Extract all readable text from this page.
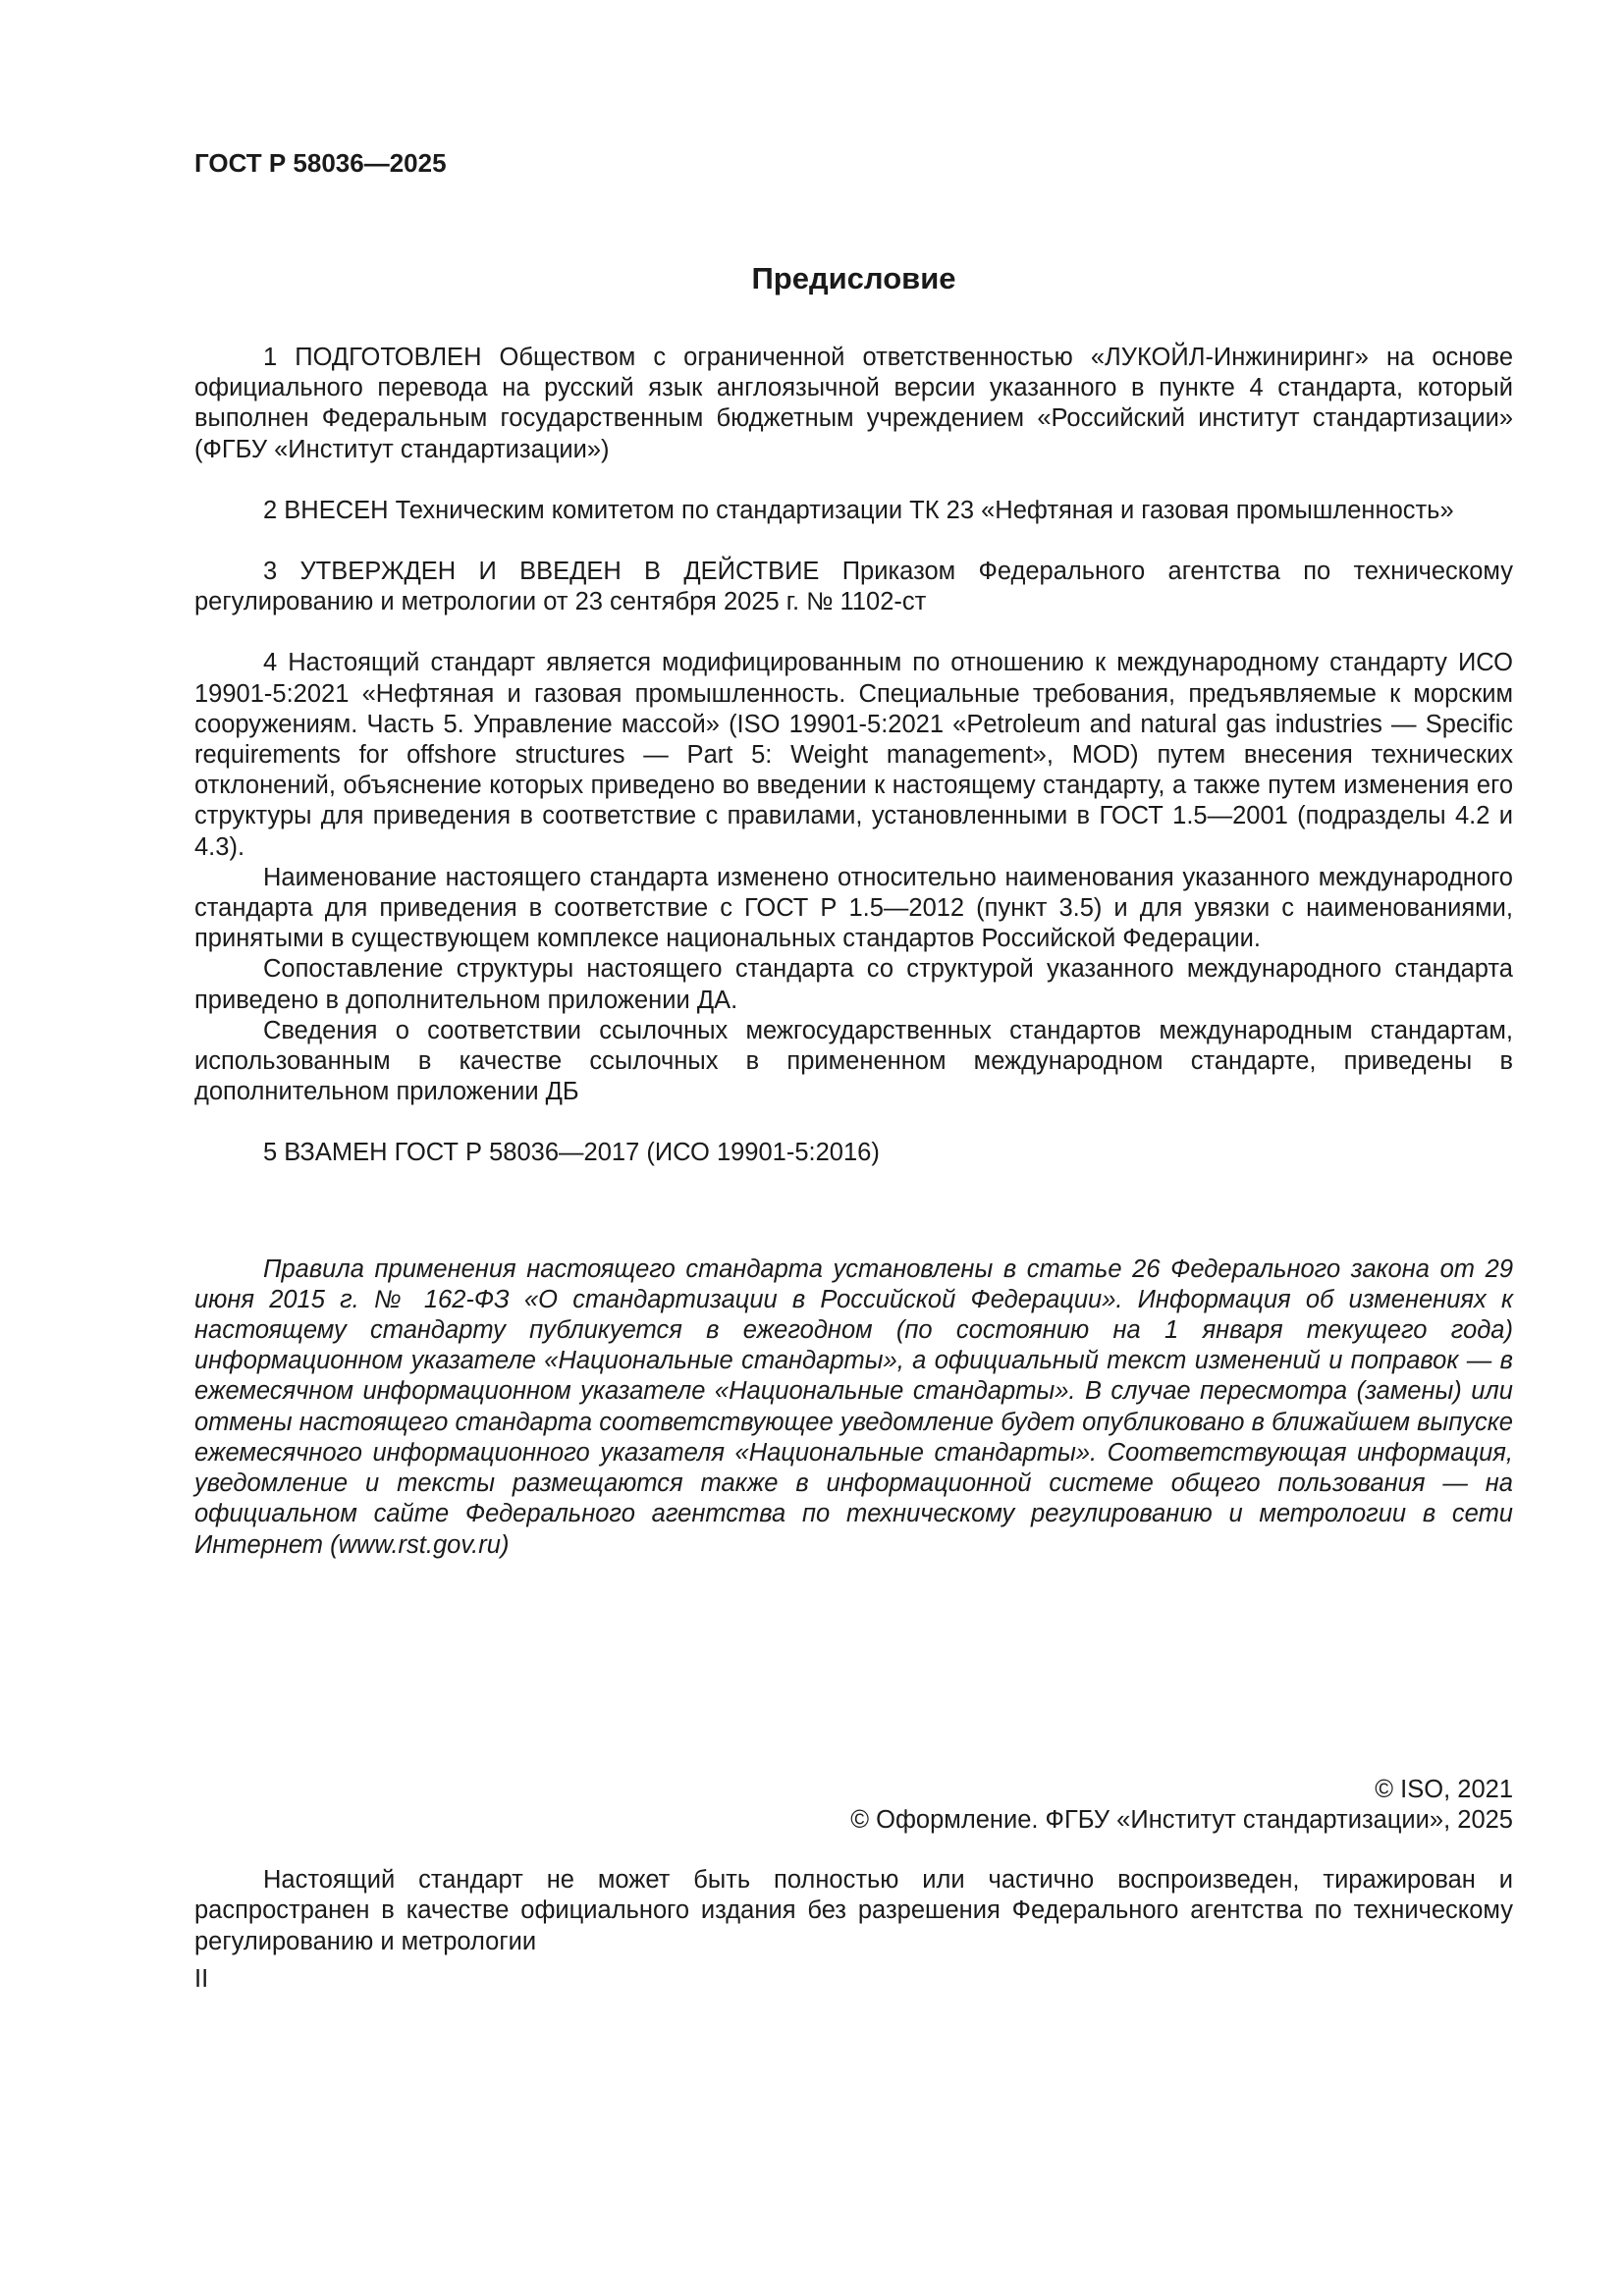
ГОСТ Р 58036—2025
Предисловие

1 ПОДГОТОВЛЕН Обществом с ограниченной ответственностью «ЛУКОЙЛ-Инжиниринг» на основе официального перевода на русский язык англоязычной версии указанного в пункте 4 стандарта, который выполнен Федеральным государственным бюджетным учреждением «Российский институт стандартизации» (ФГБУ «Институт стандартизации»)

2 ВНЕСЕН Техническим комитетом по стандартизации ТК 23 «Нефтяная и газовая промышленность»

3 УТВЕРЖДЕН И ВВЕДЕН В ДЕЙСТВИЕ Приказом Федерального агентства по техническому регулированию и метрологии от 23 сентября 2025 г. № 1102-ст

4 Настоящий стандарт является модифицированным по отношению к международному стандарту ИСО 19901-5:2021 «Нефтяная и газовая промышленность. Специальные требования, предъявляемые к морским сооружениям. Часть 5. Управление массой» (ISO 19901-5:2021 «Petroleum and natural gas industries — Specific requirements for offshore structures — Part 5: Weight management», MOD) путем внесения технических отклонений, объяснение которых приведено во введении к настоящему стандарту, а также путем изменения его структуры для приведения в соответствие с правилами, установленными в ГОСТ 1.5—2001 (подразделы 4.2 и 4.3).

Наименование настоящего стандарта изменено относительно наименования указанного международного стандарта для приведения в соответствие с ГОСТ Р 1.5—2012 (пункт 3.5) и для увязки с наименованиями, принятыми в существующем комплексе национальных стандартов Российской Федерации.

Сопоставление структуры настоящего стандарта со структурой указанного международного стандарта приведено в дополнительном приложении ДА.

Сведения о соответствии ссылочных межгосударственных стандартов международным стандартам, использованным в качестве ссылочных в примененном международном стандарте, приведены в дополнительном приложении ДБ

5 ВЗАМЕН ГОСТ Р 58036—2017 (ИСО 19901-5:2016)

Правила применения настоящего стандарта установлены в статье 26 Федерального закона от 29 июня 2015 г. № 162-ФЗ «О стандартизации в Российской Федерации». Информация об изменениях к настоящему стандарту публикуется в ежегодном (по состоянию на 1 января текущего года) информационном указателе «Национальные стандарты», а официальный текст изменений и поправок — в ежемесячном информационном указателе «Национальные стандарты». В случае пересмотра (замены) или отмены настоящего стандарта соответствующее уведомление будет опубликовано в ближайшем выпуске ежемесячного информационного указателя «Национальные стандарты». Соответствующая информация, уведомление и тексты размещаются также в информационной системе общего пользования — на официальном сайте Федерального агентства по техническому регулированию и метрологии в сети Интернет (www.rst.gov.ru)

© ISO, 2021
© Оформление. ФГБУ «Институт стандартизации», 2025

Настоящий стандарт не может быть полностью или частично воспроизведен, тиражирован и распространен в качестве официального издания без разрешения Федерального агентства по техническому регулированию и метрологии

II
